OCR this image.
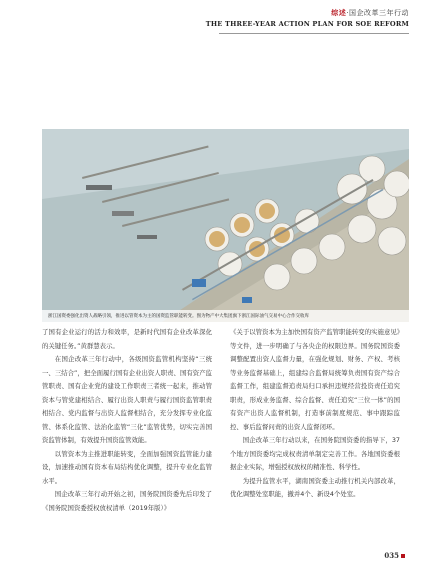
综述·国企改革三年行动
THE THREE-YEAR ACTION PLAN FOR SOE REFORM
浙江国资委强化出资人战略引领，推进以管资本为主的国资监管职能转变。图为物产中大集团旗下浙江国际油气交易中心合作交收库

了国有企业运行的活力和效率，是新时代国有企业改革深化的关键任务。”黄群慧表示。

在国企改革三年行动中，各级国资监管机构坚持“三统一、三结合”，把全面履行国有企业出资人职责、国有资产监管职责、国有企业党的建设工作职责三者统一起来，推动管资本与管党建相结合、履行出资人职责与履行国资监管职责相结合、党内监督与出资人监督相结合，充分发挥专业化监管、体系化监管、法治化监管“三化”监管优势，切实完善国资监管体制，有效提升国资监管效能。

以管资本为主推进职能转变，全面加强国资监管能力建设，加速推动国有资本布局结构优化调整，提升专业化监管水平。

国企改革三年行动开始之初，国务院国资委先后印发了《国务院国资委授权放权清单（2019年版）》

《关于以管资本为主加快国有资产监管职能转变的实施意见》等文件，进一步明确了与各央企的权限边界。国务院国资委调整配置出资人监督力量，在强化规划、财务、产权、考核等业务监督基础上，组建综合监督局统筹负责国有资产综合监督工作，组建监督追责局归口承担违规经营投资责任追究职责，形成业务监督、综合监督、责任追究“三位一体”的国有资产出资人监督机制，打造事前制度规范、事中跟踪监控、事后监督问责的出资人监督闭环。

国企改革三年行动以来，在国务院国资委的指导下，37个地方国资委均完成权责清单制定完善工作。各地国资委根据企业实际，增强授权放权的精准性、科学性。

为提升监管水平，湖南国资委主动推行机关内部改革，优化调整处室职能，撤并4个、新设4个处室。

035
